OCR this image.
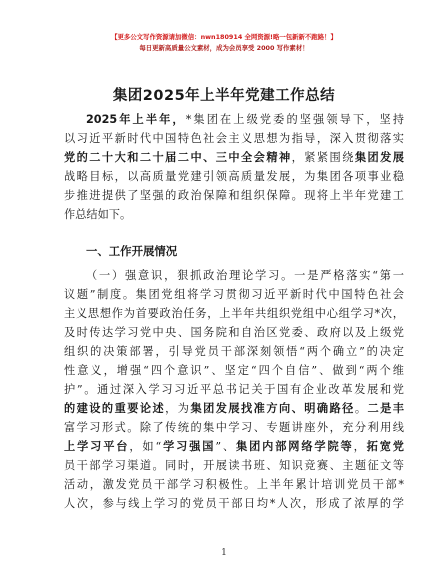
【更多公文写作资源请加微信：nwn180914 全网资源!略一包新新不跑路！】
每日更新高质量公文素材，成为会员享受 2000 写作素材！
集团2025年上半年党建工作总结
2025年上半年，*集团在上级党委的坚强领导下，坚持
以习近平新时代中国特色社会主义思想为指导，深入贯彻落实
党的二十大和二十届二中、三中全会精神，紧紧围绕集团发展
战略目标，以高质量党建引领高质量发展，为集团各项事业稳
步推进提供了坚强的政治保障和组织保障。现将上半年党建工
作总结如下。
一、工作开展情况
（一）强意识，狠抓政治理论学习。一是严格落实“第一
议题”制度。集团党组将学习贯彻习近平新时代中国特色社会
主义思想作为首要政治任务，上半年共组织党组中心组学习*次，
及时传达学习党中央、国务院和自治区党委、政府以及上级党
组织的决策部署，引导党员干部深刻领悟“两个确立”的决定
性意义，增强“四个意识”、坚定“四个自信”、做到“两个维
护”。通过深入学习习近平总书记关于国有企业改革发展和党
的建设的重要论述，为集团发展找准方向、明确路径。二是丰
富学习形式。除了传统的集中学习、专题讲座外，充分利用线
上学习平台，如“学习强国”、集团内部网络学院等，拓宽党
员干部学习渠道。同时，开展读书班、知识竞赛、主题征文等
活动，激发党员干部学习积极性。上半年累计培训党员干部*
人次，参与线上学习的党员干部日均*人次，形成了浓厚的学
1
